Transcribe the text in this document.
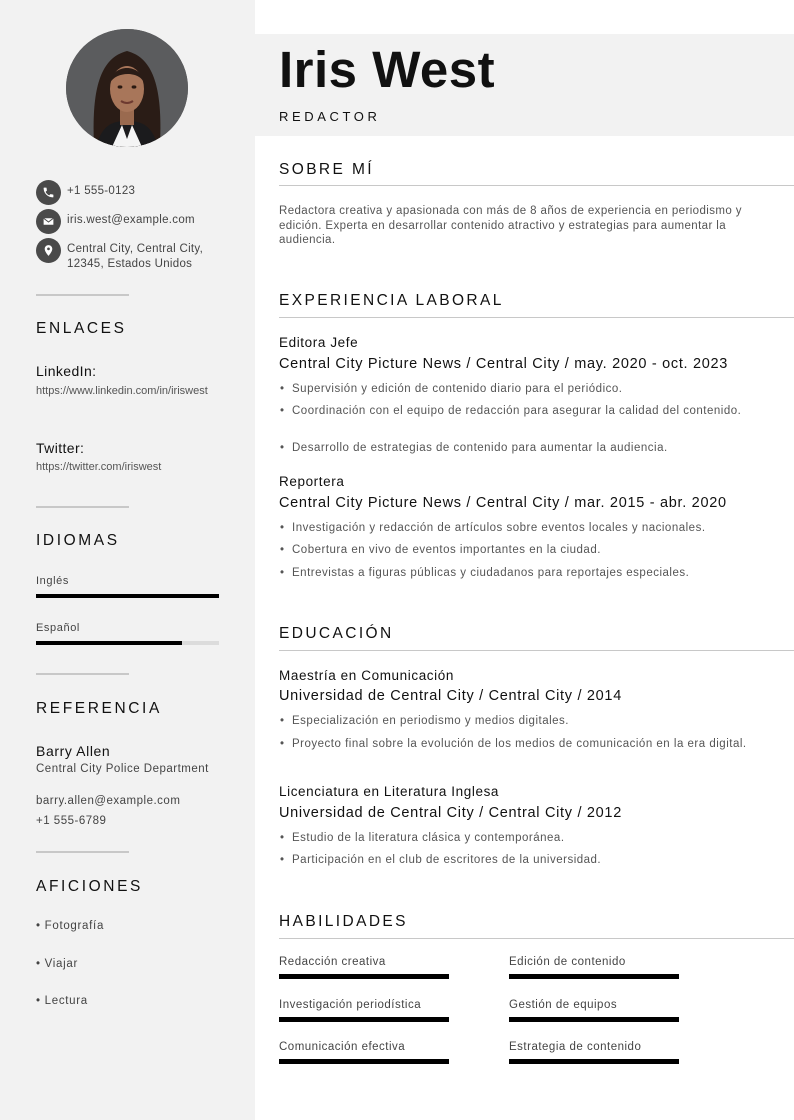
+1 555-0123
iris.west@example.com
Central City, Central City, 12345, Estados Unidos
ENLACES
LinkedIn:
https://www.linkedin.com/in/iriswest
Twitter:
https://twitter.com/iriswest
IDIOMAS
Inglés
Español
REFERENCIA
Barry Allen
Central City Police Department
barry.allen@example.com
+1 555-6789
AFICIONES
• Fotografía
• Viajar
• Lectura
Iris West
REDACTOR
SOBRE MÍ
Redactora creativa y apasionada con más de 8 años de experiencia en periodismo y edición. Experta en desarrollar contenido atractivo y estrategias para aumentar la audiencia.
EXPERIENCIA LABORAL
Editora Jefe
Central City Picture News / Central City / may. 2020 - oct. 2023
• Supervisión y edición de contenido diario para el periódico.
• Coordinación con el equipo de redacción para asegurar la calidad del contenido.
• Desarrollo de estrategias de contenido para aumentar la audiencia.
Reportera
Central City Picture News / Central City / mar. 2015 - abr. 2020
• Investigación y redacción de artículos sobre eventos locales y nacionales.
• Cobertura en vivo de eventos importantes en la ciudad.
• Entrevistas a figuras públicas y ciudadanos para reportajes especiales.
EDUCACIÓN
Maestría en Comunicación
Universidad de Central City / Central City / 2014
• Especialización en periodismo y medios digitales.
• Proyecto final sobre la evolución de los medios de comunicación en la era digital.
Licenciatura en Literatura Inglesa
Universidad de Central City / Central City / 2012
• Estudio de la literatura clásica y contemporánea.
• Participación en el club de escritores de la universidad.
HABILIDADES
Redacción creativa	Edición de contenido
Investigación periodística	Gestión de equipos
Comunicación efectiva	Estrategia de contenido
